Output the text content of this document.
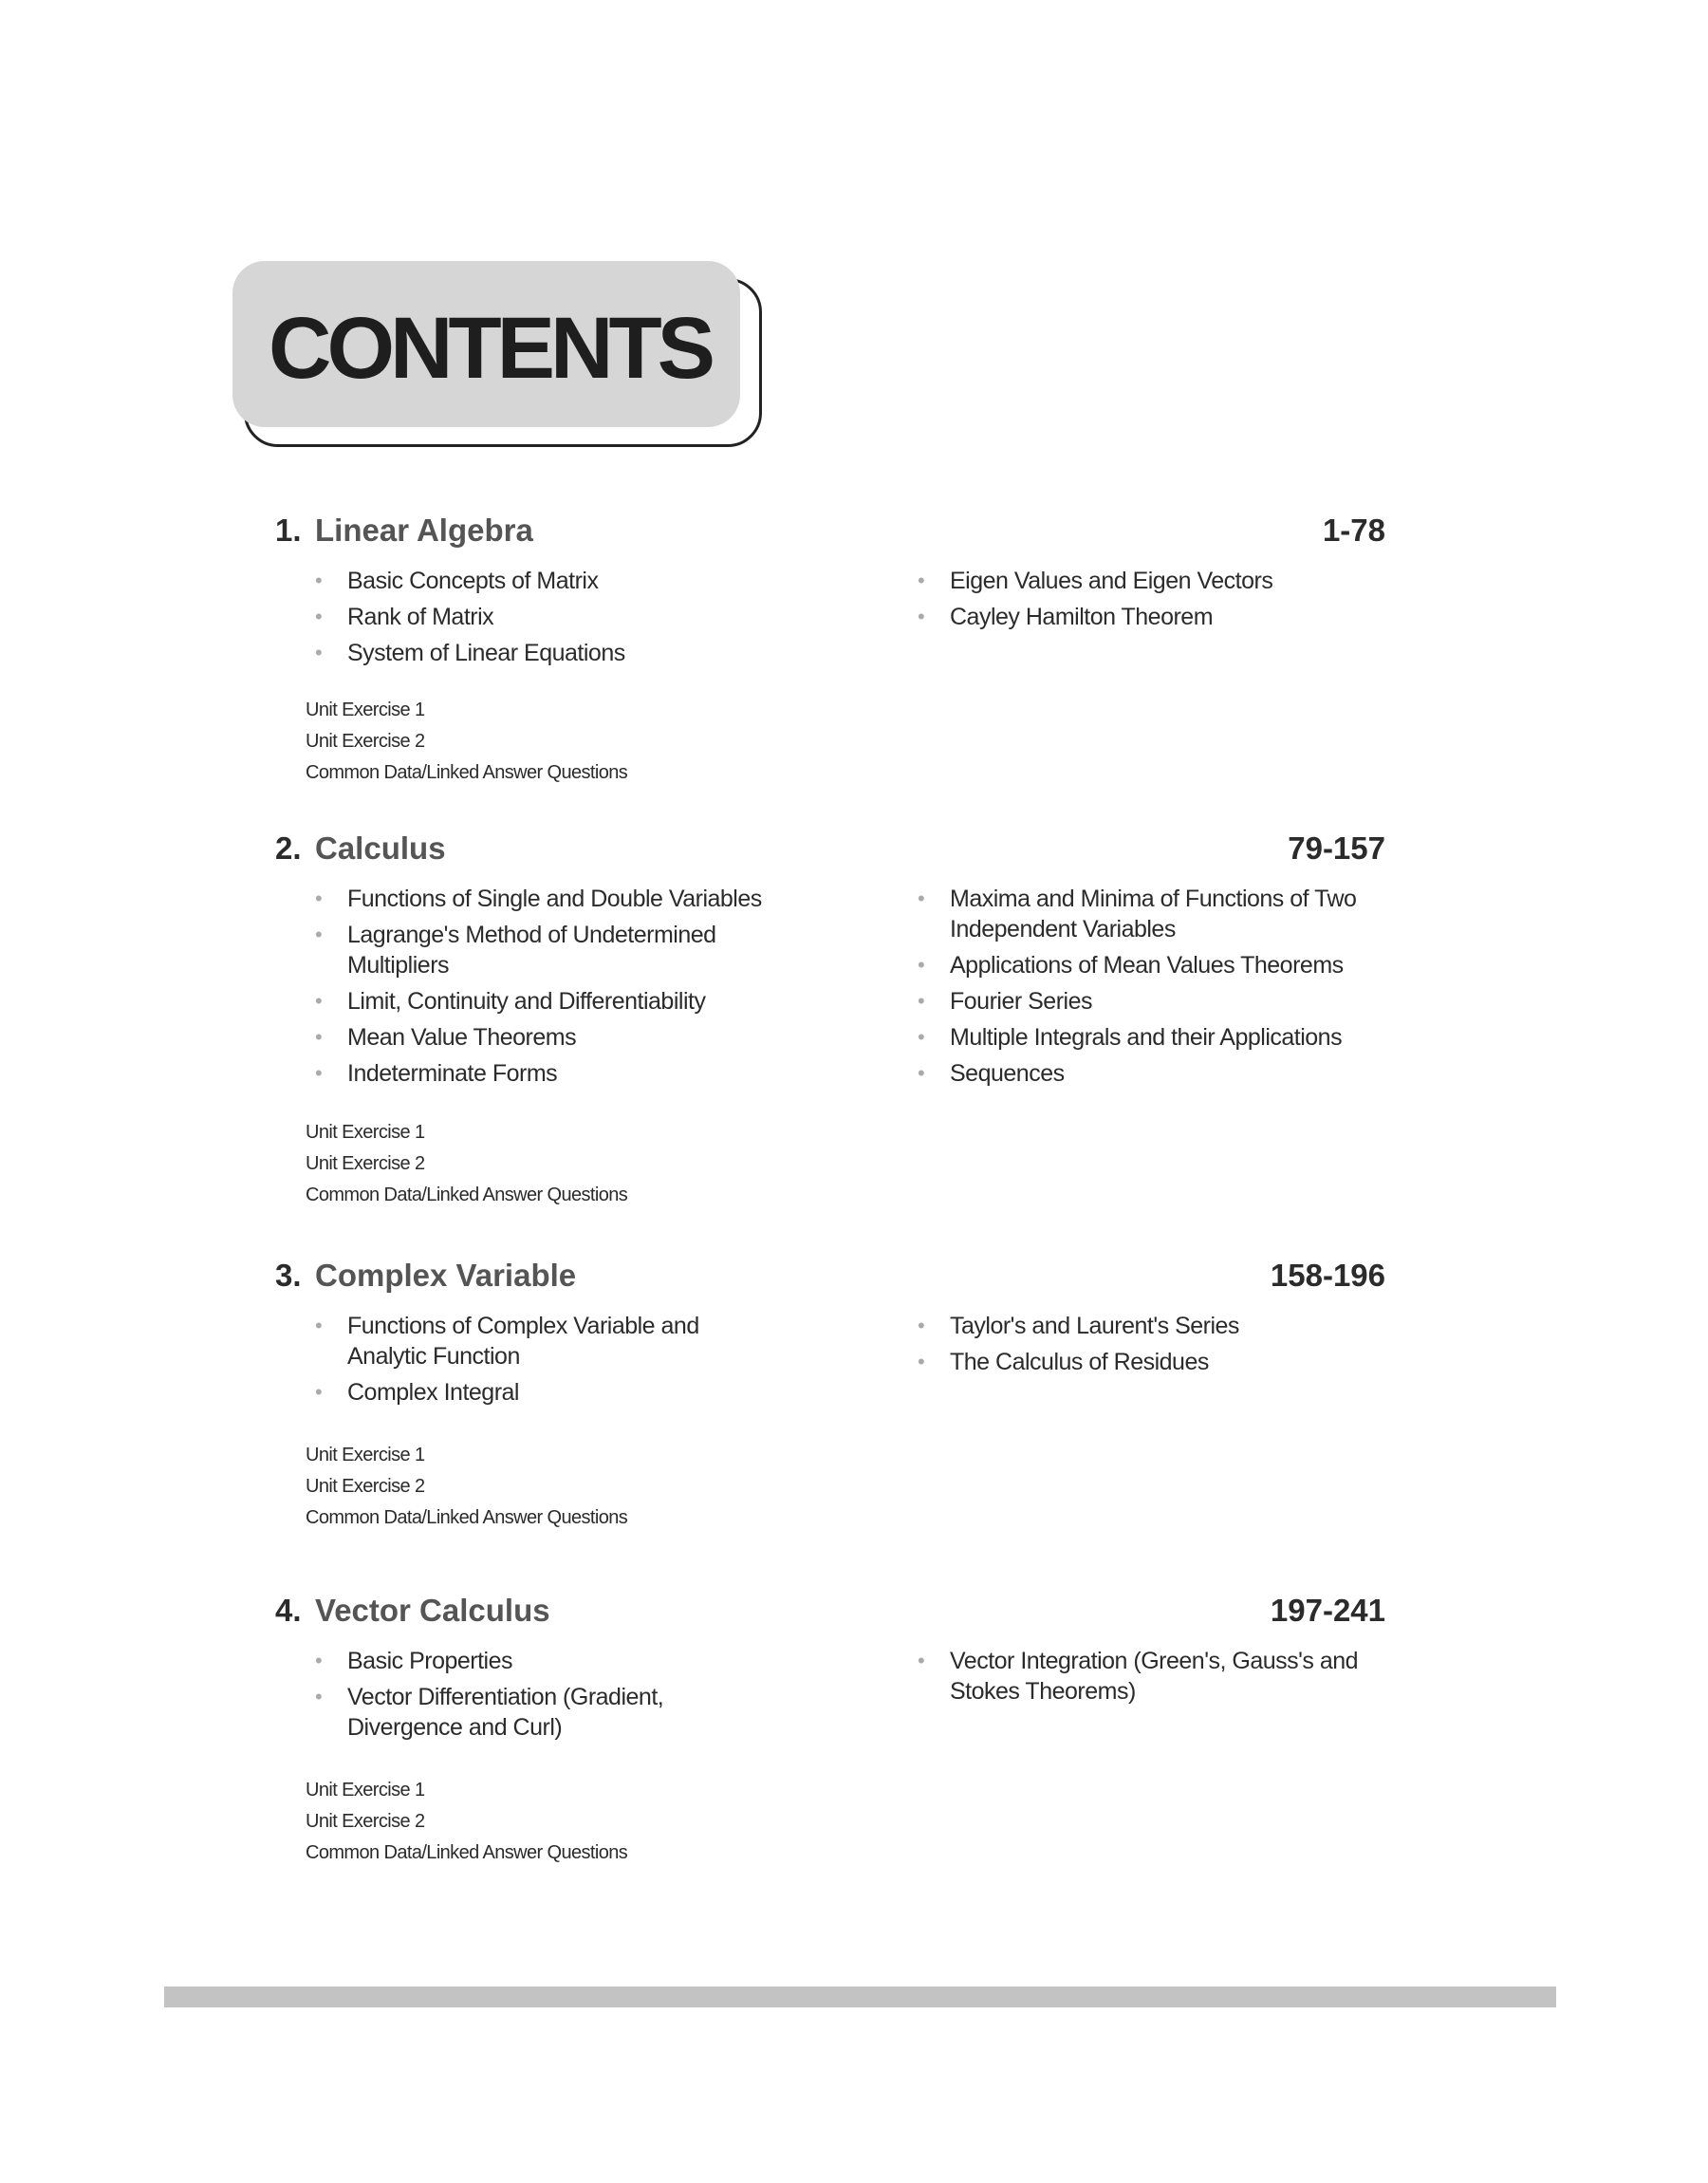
CONTENTS
1. Linear Algebra	1-78
• Basic Concepts of Matrix
• Rank of Matrix
• System of Linear Equations
• Eigen Values and Eigen Vectors
• Cayley Hamilton Theorem
Unit Exercise 1
Unit Exercise 2
Common Data/Linked Answer Questions
2. Calculus	79-157
• Functions of Single and Double Variables
• Lagrange's Method of Undetermined Multipliers
• Limit, Continuity and Differentiability
• Mean Value Theorems
• Indeterminate Forms
• Maxima and Minima of Functions of Two Independent Variables
• Applications of Mean Values Theorems
• Fourier Series
• Multiple Integrals and their Applications
• Sequences
Unit Exercise 1
Unit Exercise 2
Common Data/Linked Answer Questions
3. Complex Variable	158-196
• Functions of Complex Variable and Analytic Function
• Complex Integral
• Taylor's and Laurent's Series
• The Calculus of Residues
Unit Exercise 1
Unit Exercise 2
Common Data/Linked Answer Questions
4. Vector Calculus	197-241
• Basic Properties
• Vector Differentiation (Gradient, Divergence and Curl)
• Vector Integration (Green's, Gauss's and Stokes Theorems)
Unit Exercise 1
Unit Exercise 2
Common Data/Linked Answer Questions
